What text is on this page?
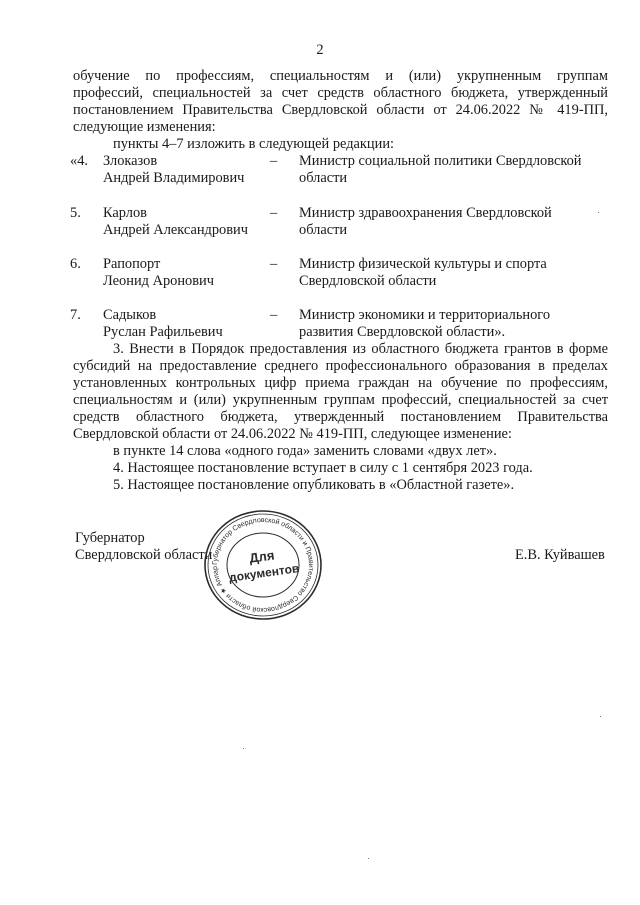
2
обучение по профессиям, специальностям и (или) укрупненным группам
профессий, специальностей за счет средств областного бюджета, утвержденный
постановлением Правительства Свердловской области от 24.06.2022 № 419-ПП,
следующие изменения:
пункты 4–7 изложить в следующей редакции:
«4. Злоказов
Андрей Владимирович
– Министр социальной политики Свердловской
области
5. Карлов
Андрей Александрович
– Министр здравоохранения Свердловской
области
6. Рапопорт
Леонид Аронович
– Министр физической культуры и спорта
Свердловской области
7. Садыков
Руслан Рафильевич
– Министр экономики и территориального
развития Свердловской области».
3. Внести в Порядок предоставления из областного бюджета грантов в форме
субсидий на предоставление среднего профессионального образования в пределах
установленных контрольных цифр приема граждан на обучение по профессиям,
специальностям и (или) укрупненным группам профессий, специальностей за счет
средств областного бюджета, утвержденный постановлением Правительства
Свердловской области от 24.06.2022 № 419-ПП, следующее изменение:
в пункте 14 слова «одного года» заменить словами «двух лет».
4. Настоящее постановление вступает в силу с 1 сентября 2023 года.
5. Настоящее постановление опубликовать в «Областной газете».
Губернатор
Свердловской области	Е.В. Куйвашев
Губернатор Свердловской области и Правительство Свердловской области ★ Аппар
Для
документов
